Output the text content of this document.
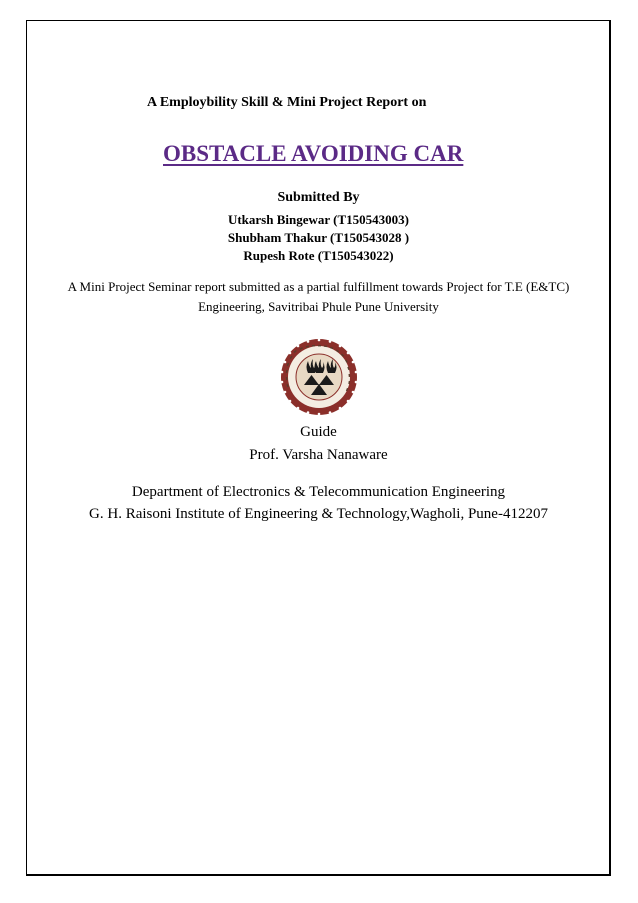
A Employbility Skill & Mini Project Report on
OBSTACLE AVOIDING CAR
Submitted By
Utkarsh Bingewar (T150543003)
Shubham Thakur (T150543028 )
Rupesh Rote (T150543022)
A Mini Project Seminar report submitted as a partial fulfillment towards Project for T.E (E&TC) Engineering, Savitribai Phule Pune University
Guide
Prof. Varsha Nanaware
Department of Electronics & Telecommunication Engineering
G. H. Raisoni Institute of Engineering & Technology,Wagholi, Pune-412207
